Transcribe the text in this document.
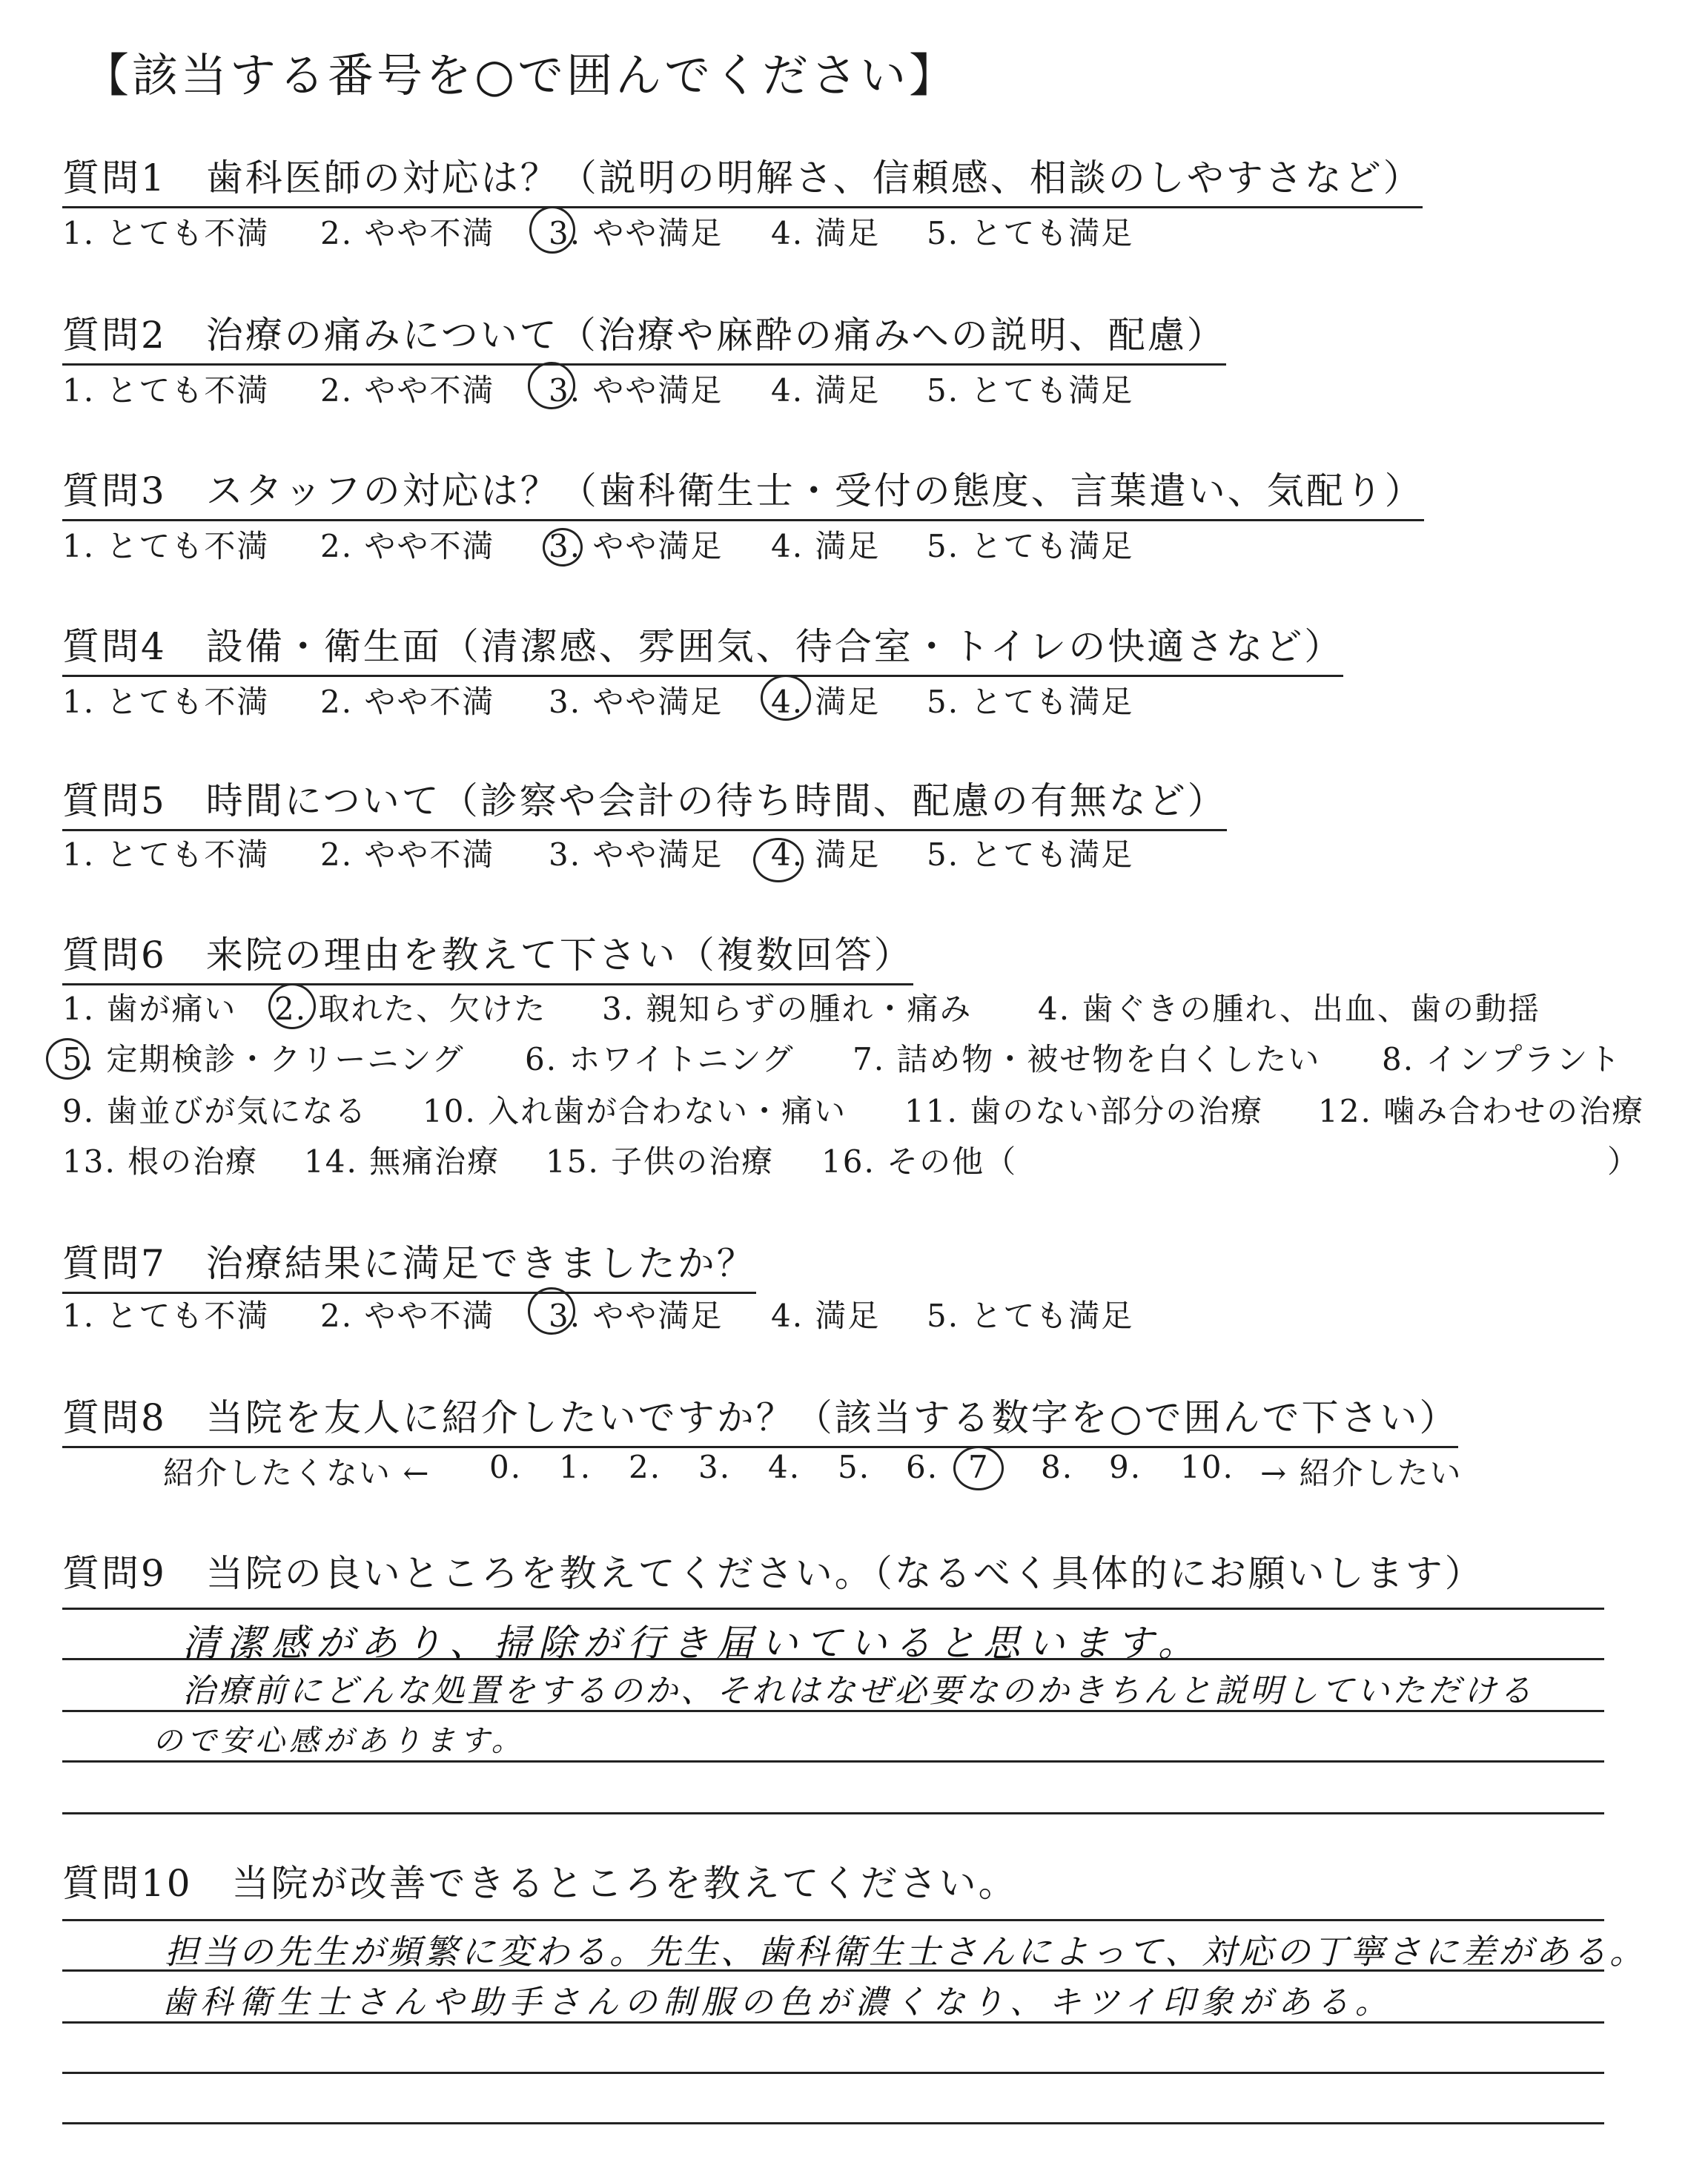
【該当する番号を○で囲んでください】
質問1　歯科医師の対応は？（説明の明解さ、信頼感、相談のしやすさなど）
1. とても不満 2. やや不満 3. やや満足 4. 満足 5. とても満足
質問2　治療の痛みについて（治療や麻酔の痛みへの説明、配慮）
1. とても不満 2. やや不満 3. やや満足 4. 満足 5. とても満足
質問3　スタッフの対応は？（歯科衛生士・受付の態度、言葉遣い、気配り）
1. とても不満 2. やや不満 3. やや満足 4. 満足 5. とても満足
質問4　設備・衛生面（清潔感、雰囲気、待合室・トイレの快適さなど）
1. とても不満 2. やや不満 3. やや満足 4. 満足 5. とても満足
質問5　時間について（診察や会計の待ち時間、配慮の有無など）
1. とても不満 2. やや不満 3. やや満足 4. 満足 5. とても満足
質問6　来院の理由を教えて下さい（複数回答）
1. 歯が痛い 2. 取れた、欠けた 3. 親知らずの腫れ・痛み 4. 歯ぐきの腫れ、出血、歯の動揺
5. 定期検診・クリーニング 6. ホワイトニング 7. 詰め物・被せ物を白くしたい 8. インプラント
9. 歯並びが気になる 10. 入れ歯が合わない・痛い 11. 歯のない部分の治療 12. 噛み合わせの治療
13. 根の治療 14. 無痛治療 15. 子供の治療 16. その他（	）
質問7　治療結果に満足できましたか？
1. とても不満 2. やや不満 3. やや満足 4. 満足 5. とても満足
質問8　当院を友人に紹介したいですか？（該当する数字を○で囲んで下さい）
紹介したくない ← 0. 1. 2. 3. 4. 5. 6. 7 8. 9. 10. → 紹介したい
質問9　当院の良いところを教えてください。（なるべく具体的にお願いします）
清潔感があり、掃除が行き届いていると思います。
治療前にどんな処置をするのか、それはなぜ必要なのかきちんと説明していただける
ので安心感があります。
質問10　当院が改善できるところを教えてください。
担当の先生が頻繁に変わる。先生、歯科衛生士さんによって、対応の丁寧さに差がある。
歯科衛生士さんや助手さんの制服の色が濃くなり、キツイ印象がある。
